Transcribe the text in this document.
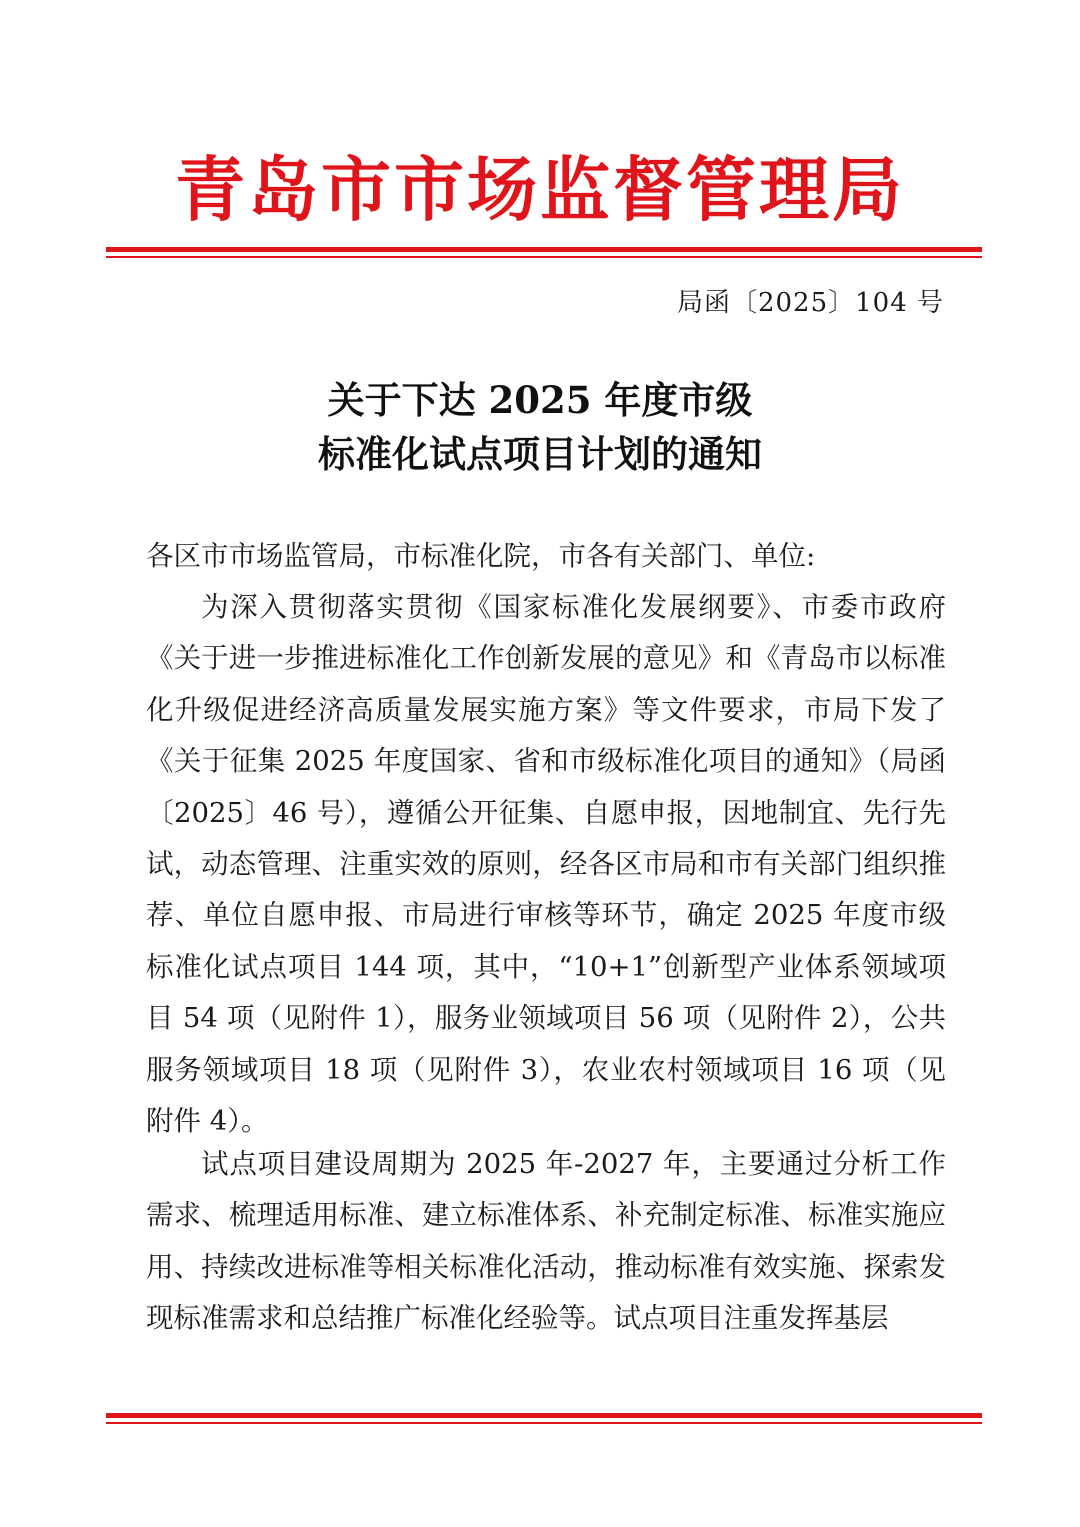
青岛市市场监督管理局
局函〔2025〕104 号
关于下达 2025 年度市级
标准化试点项目计划的通知
各区市市场监管局，市标准化院，市各有关部门、单位:
为深入贯彻落实贯彻《国家标准化发展纲要》、市委市政府《关于进一步推进标准化工作创新发展的意见》和《青岛市以标准化升级促进经济高质量发展实施方案》等文件要求，市局下发了《关于征集 2025 年度国家、省和市级标准化项目的通知》（局函〔2025〕46 号），遵循公开征集、自愿申报，因地制宜、先行先试，动态管理、注重实效的原则，经各区市局和市有关部门组织推荐、单位自愿申报、市局进行审核等环节，确定 2025 年度市级标准化试点项目 144 项，其中，“10+1”创新型产业体系领域项目 54 项（见附件 1），服务业领域项目 56 项（见附件 2），公共服务领域项目 18 项（见附件 3），农业农村领域项目 16 项（见附件 4）。
试点项目建设周期为 2025 年-2027 年，主要通过分析工作需求、梳理适用标准、建立标准体系、补充制定标准、标准实施应用、持续改进标准等相关标准化活动，推动标准有效实施、探索发现标准需求和总结推广标准化经验等。试点项目注重发挥基层
